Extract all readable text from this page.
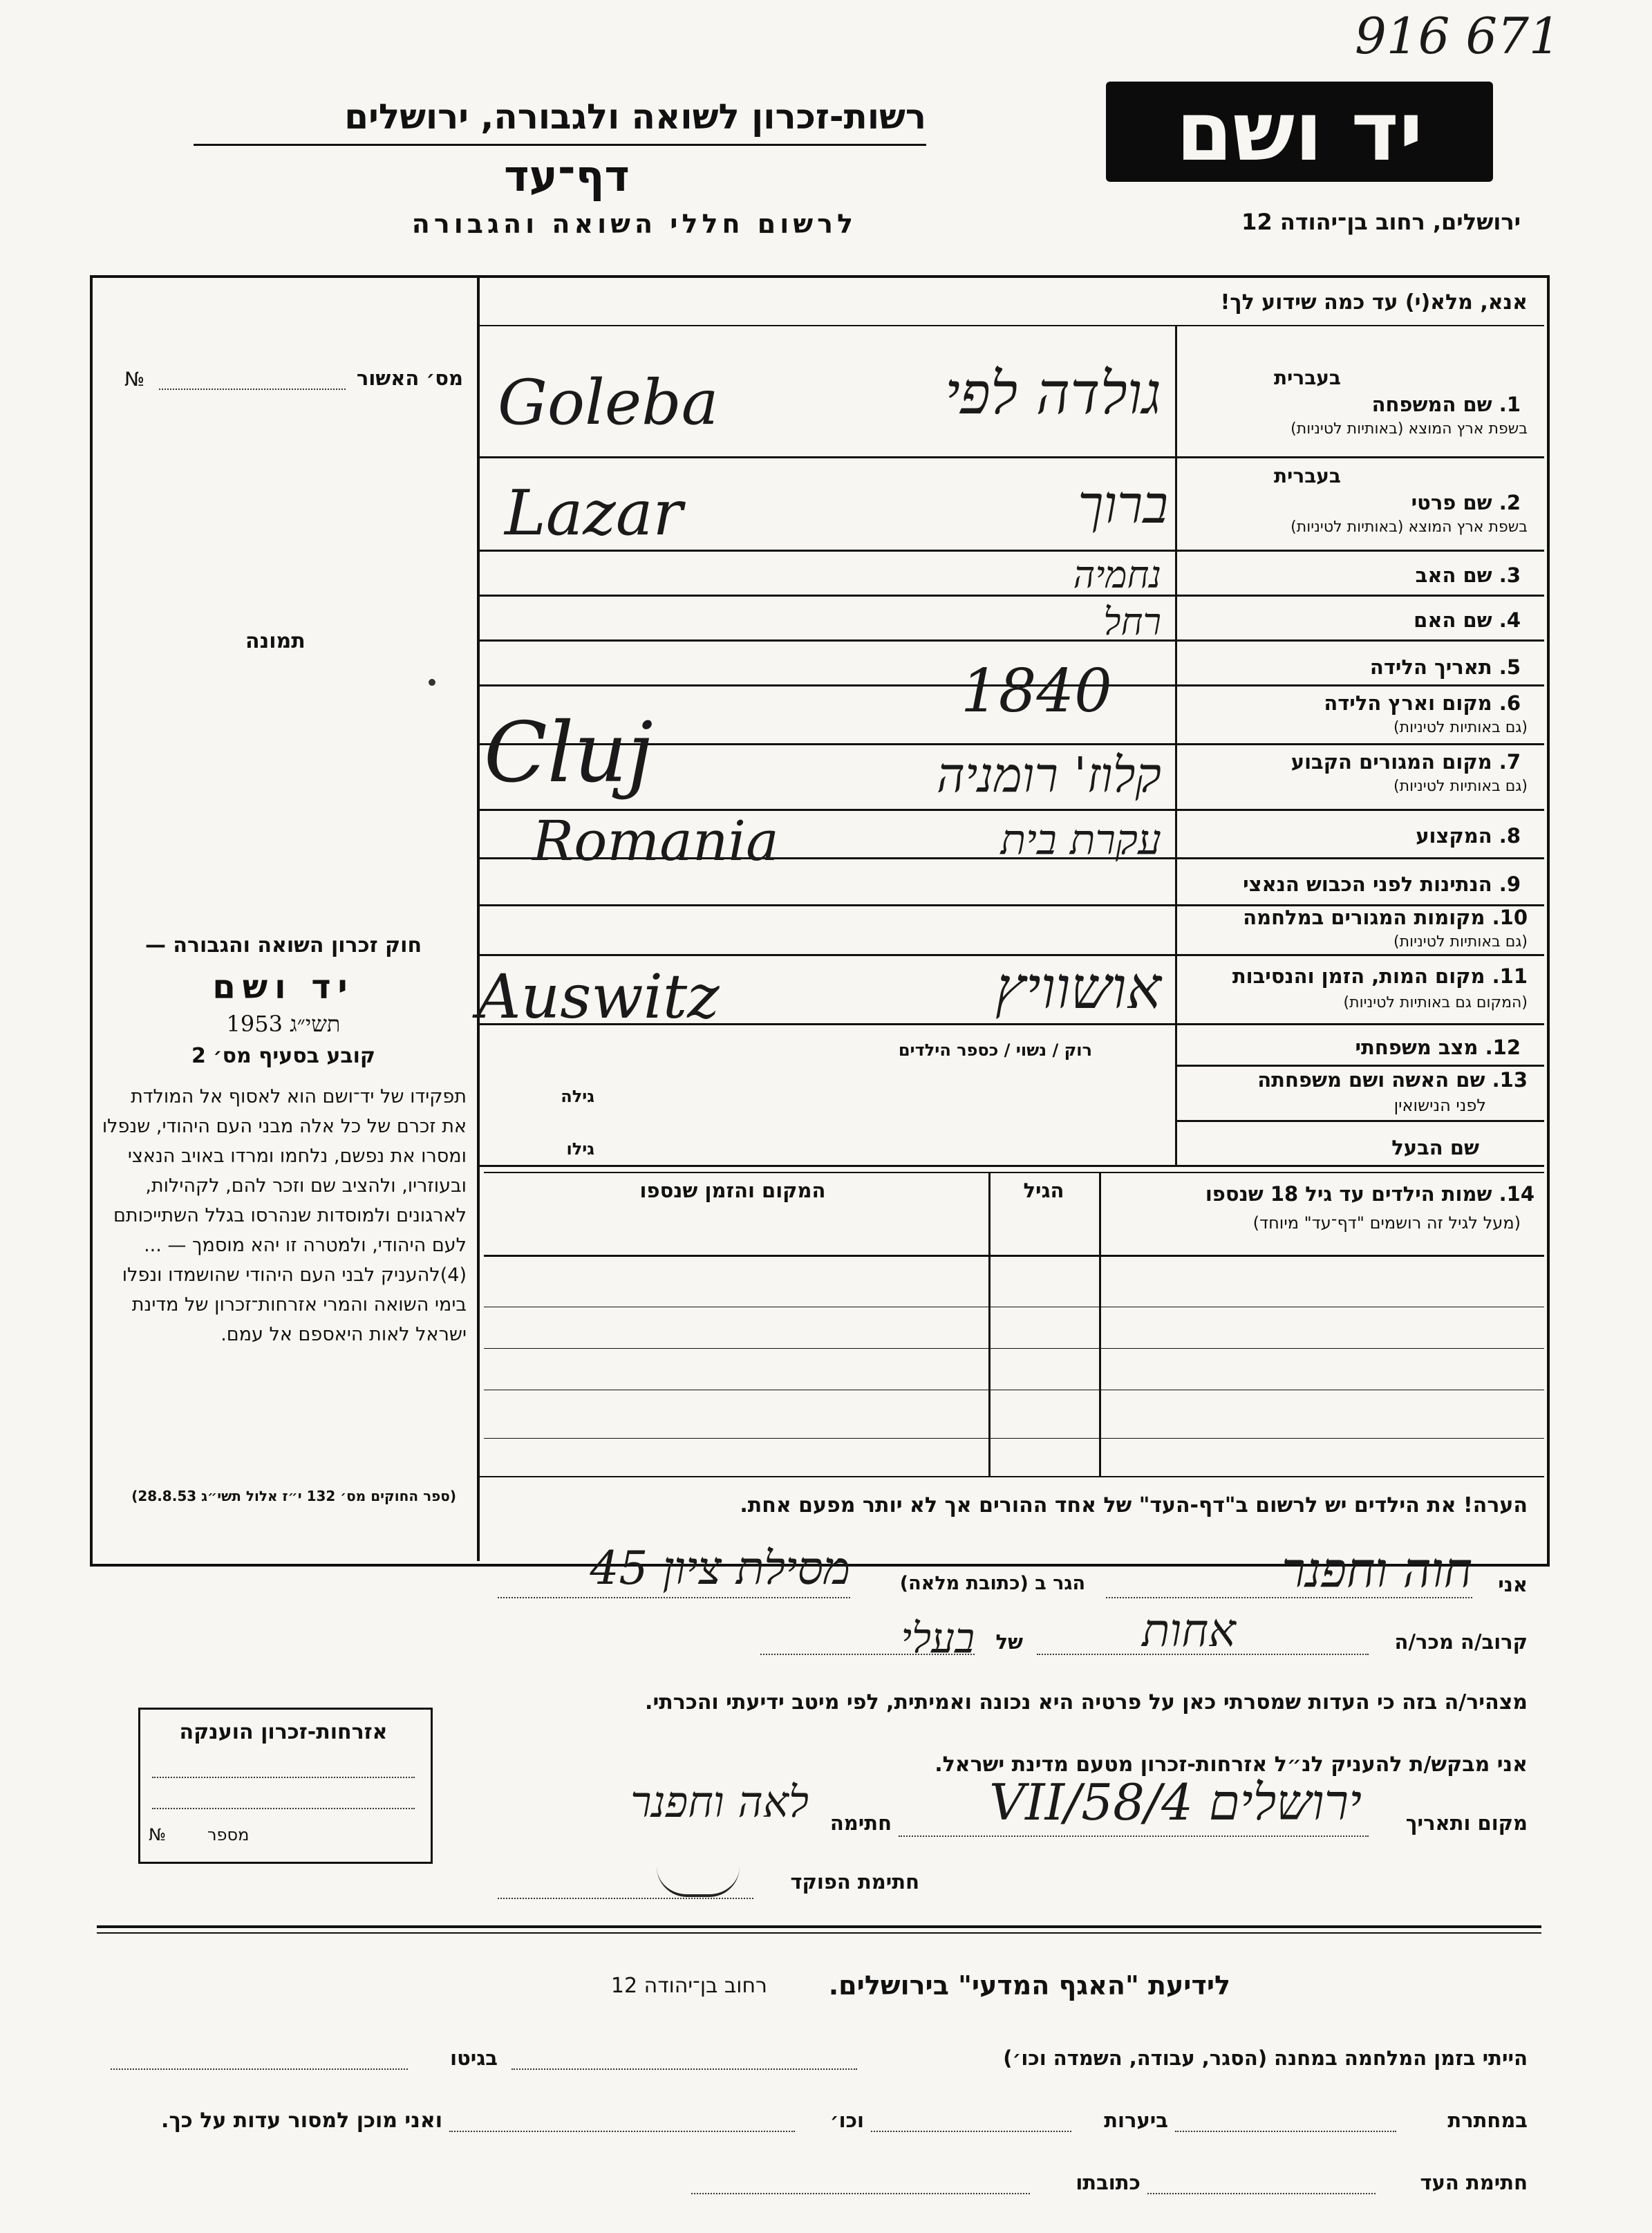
916 671
יד ושם
רשות-זכרון לשואה ולגבורה, ירושלים
דף־עד
לרשום חללי השואה והגבורה	ירושלים, רחוב בן־יהודה 12
אנא, מלא(י) עד כמה שידוע לך!
מס׳ האשור
№
תמונה
חוק זכרון השואה והגבורה —
יד ושם
תשי״ג 1953
קובע בסעיף מס׳ 2
תפקידו של יד־ושם הוא לאסוף אל המולדת את זכרם של כל אלה מבני העם היהודי, שנפלו ומסרו את נפשם, נלחמו ומרדו באויב הנאצי ובעוזריו, ולהציב שם וזכר להם, לקהילות, לארגונים ולמוסדות שנהרסו בגלל השתייכותם לעם היהודי, ולמטרה זו יהא מוסמך — ...(4)להעניק לבני העם היהודי שהושמדו ונפלו בימי השואה והמרי אזרחות־זכרון של מדינת ישראל לאות היאספם אל עמם.
(ספר החוקים מס׳ 132 י״ז אלול תשי״ג 28.8.53)
אזרחות-זכרון הוענקה
מספר
№
בעברית
1. שם המשפחה
בשפת ארץ המוצא (באותיות לטיניות)
בעברית
2. שם פרטי
בשפת ארץ המוצא (באותיות לטיניות)
3. שם האב
4. שם האם
5. תאריך הלידה
6. מקום וארץ הלידה
(גם באותיות לטיניות)
7. מקום המגורים הקבוע
(גם באותיות לטיניות)
8. המקצוע
9. הנתינות לפני הכבוש הנאצי
10. מקומות המגורים במלחמה
(גם באותיות לטיניות)
11. מקום המות, הזמן והנסיבות
(המקום גם באותיות לטיניות)
12. מצב משפחתי
רוק / נשוי / כספר הילדים
13. שם האשה ושם משפחתה
לפני הנישואין
גילה
שם הבעל
גילו
גולדה לפי
Goleba
ברוך
Lazar
נחמיה
רחל
1840
קלוז' רומניה
Cluj
עקרת בית
Romania
אושוויץ
Auswitz
14. שמות הילדים עד גיל 18 שנספו
(מעל לגיל זה רושמים "דף־עד" מיוחד)
הגיל
המקום והזמן שנספו
הערה! את הילדים יש לרשום ב"דף-העד" של אחד ההורים אך לא יותר מפעם אחת.
אני
חוה וחפנר
הגר ב (כתובת מלאה)
מסילת ציון 45
קרוב/ה מכר/ה
אחות
של
בעלי
מצהיר/ה בזה כי העדות שמסרתי כאן על פרטיה היא נכונה ואמיתית, לפי מיטב ידיעתי והכרתי.
אני מבקש/ת להעניק לנ״ל אזרחות-זכרון מטעם מדינת ישראל.
מקום ותאריך
ירושלים 4/VII/58
חתימה
לאה וחפנר
חתימת הפוקד
לידיעת "האגף המדעי" בירושלים.
רחוב בן־יהודה 12
הייתי בזמן המלחמה במחנה (הסגר, עבודה, השמדה וכו׳)
בגיטו
במחתרת
ביערות
וכו׳
ואני מוכן למסור עדות על כך.
חתימת העד
כתובתו
